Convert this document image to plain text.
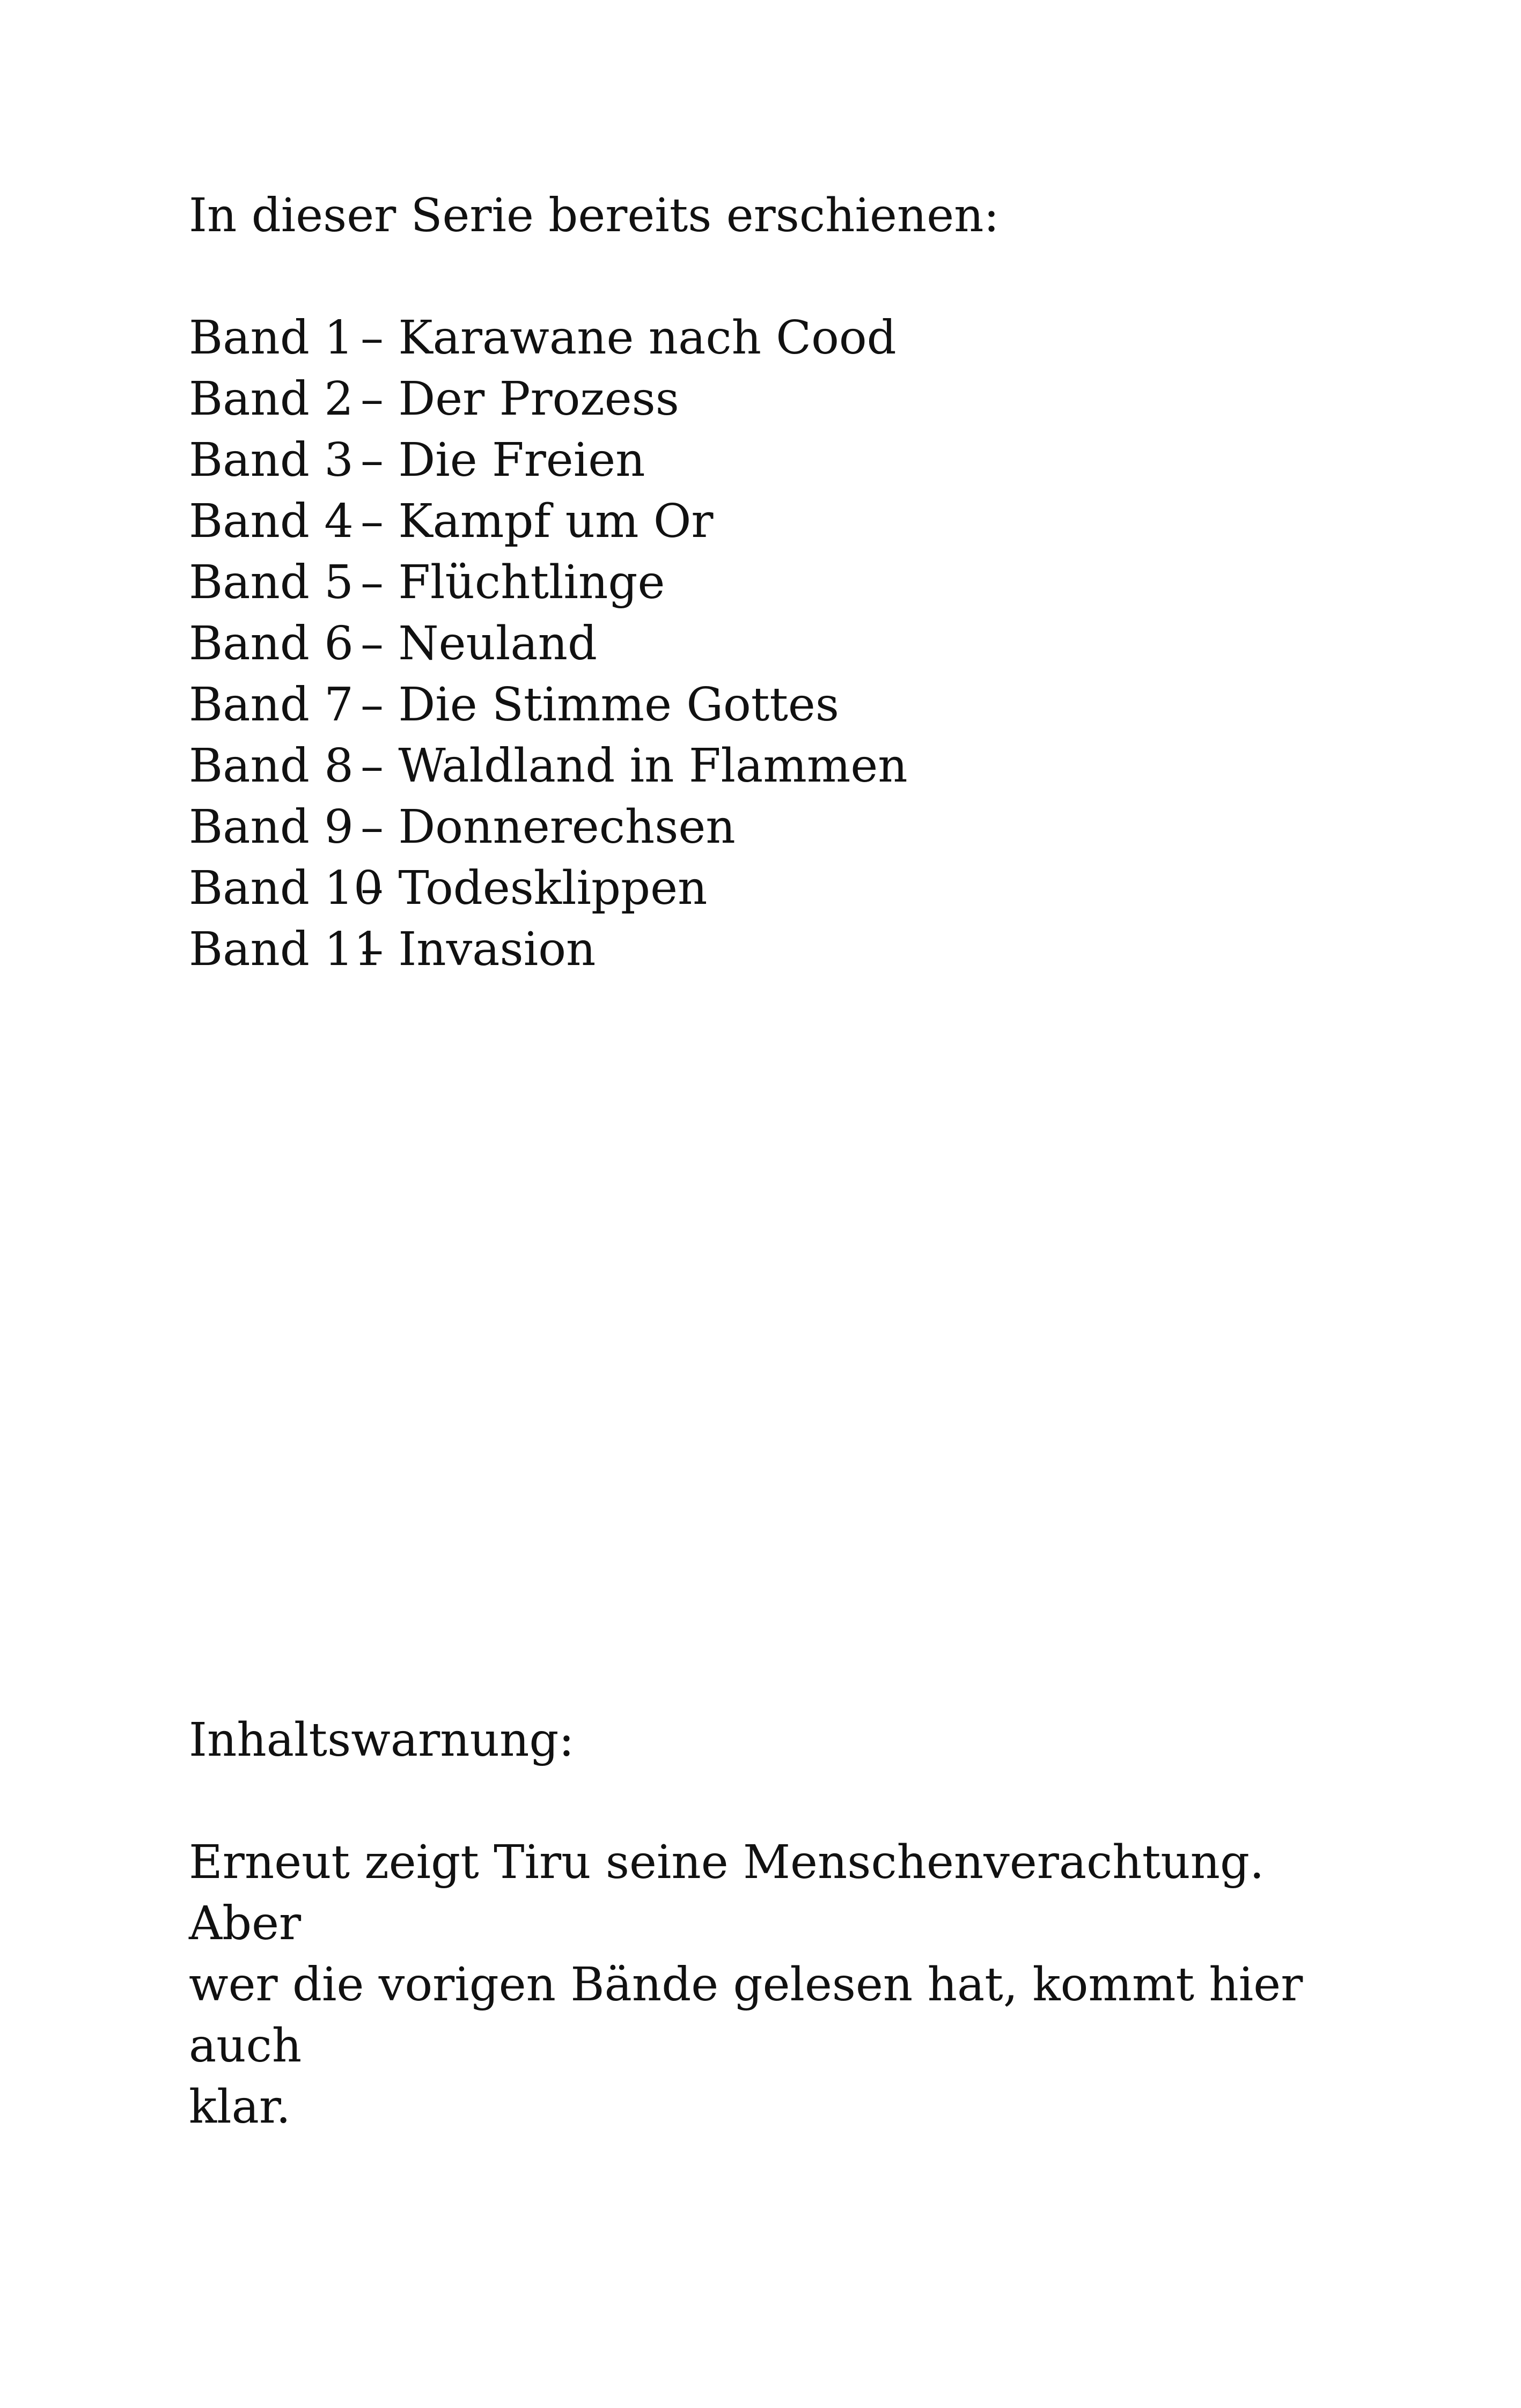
In dieser Serie bereits erschienen:
Band 1 – Karawane nach Cood
Band 2 – Der Prozess
Band 3 – Die Freien
Band 4 – Kampf um Or
Band 5 – Flüchtlinge
Band 6 – Neuland
Band 7 – Die Stimme Gottes
Band 8 – Waldland in Flammen
Band 9 – Donnerechsen
Band 10
– Todesklippen
Band 11
– Invasion
Inhaltswarnung:
Erneut zeigt Tiru seine Menschenverachtung. Aber
wer die vorigen Bände gelesen hat, kommt hier auch
klar.
